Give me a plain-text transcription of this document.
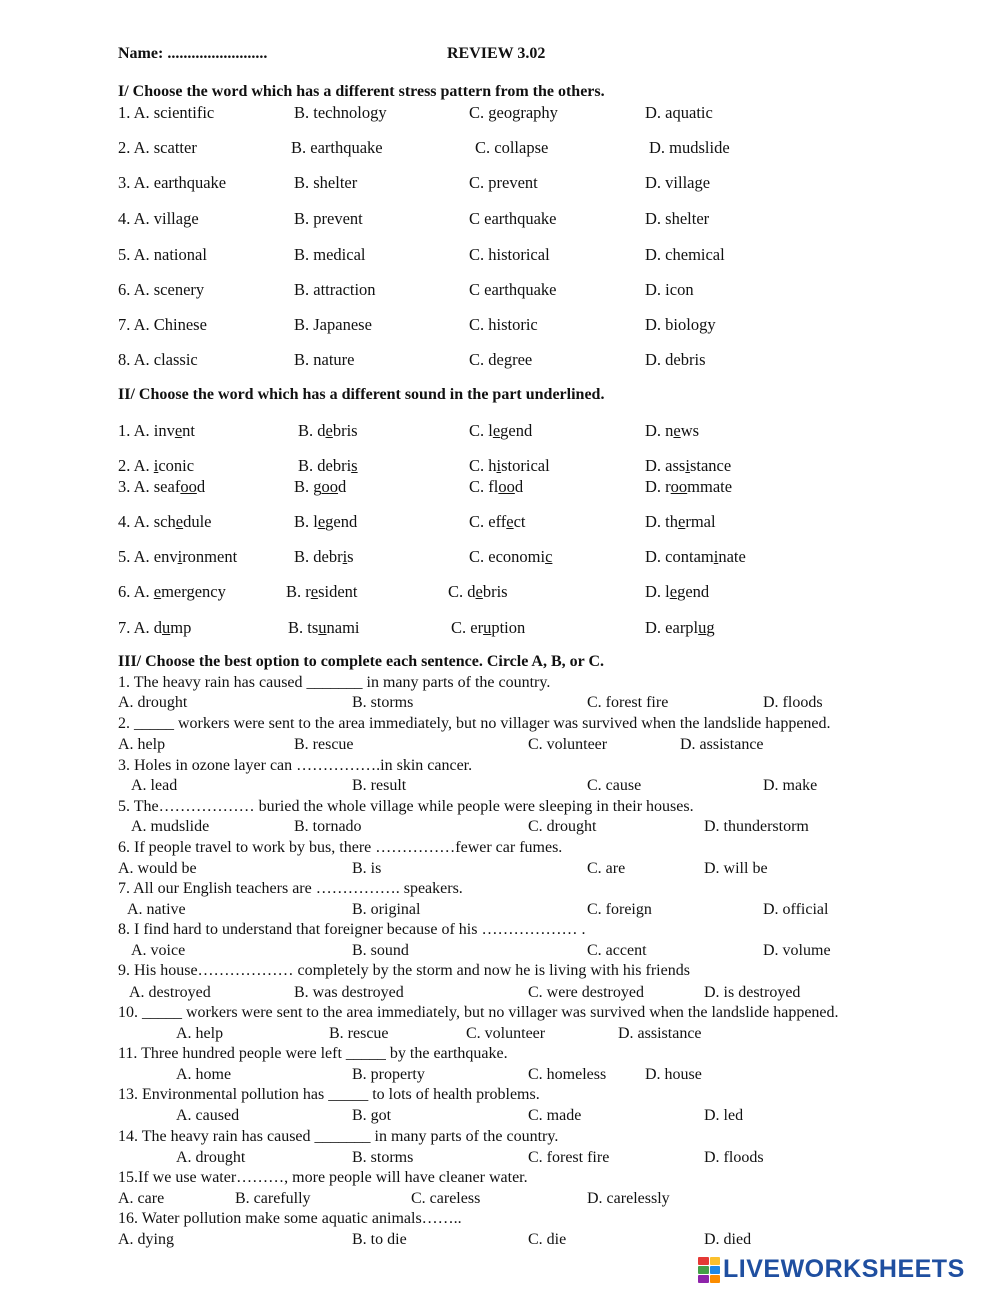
Name: .........................	REVIEW 3.02
I/ Choose the word which has a different stress pattern from the others.
1. A. scientific	B. technology	C. geography	D. aquatic
2. A. scatter	B. earthquake	C. collapse	D. mudslide
3. A. earthquake	B. shelter	C. prevent	D. village
4. A. village	B. prevent	C earthquake	D. shelter
5. A. national	B. medical	C. historical	D. chemical
6. A. scenery	B. attraction	C earthquake	D. icon
7. A. Chinese	B. Japanese	C. historic	D. biology
8. A. classic	B. nature	C. degree	D. debris
II/ Choose the word which has a different sound in the part underlined.
1. A. invent	B. debris	C. legend	D. news
2. A. iconic	B. debris	C. historical	D. assistance
3. A. seafood	B. good	C. flood	D. roommate
4. A. schedule	B. legend	C. effect	D. thermal
5. A. environment	B. debris	C. economic	D. contaminate
6. A. emergency	B. resident	C. debris	D. legend
7. A. dump	B. tsunami	C. eruption	D. earplug
III/ Choose the best option to complete each sentence. Circle A, B, or C.
1. The heavy rain has caused _______ in many parts of the country.
A. drought	B. storms	C. forest fire	D. floods
2. _____ workers were sent to the area immediately, but no villager was survived when the landslide happened.
A. help	B. rescue	C. volunteer	D. assistance
3. Holes in ozone layer can …………….in skin cancer.
A. lead	B. result	C. cause	D. make
5. The……………… buried the whole village while people were sleeping in their houses.
A. mudslide	B. tornado	C. drought	D. thunderstorm
6. If people travel to work by bus, there ……………fewer car fumes.
A. would be	B. is	C. are	D. will be
7. All our English teachers are ……………. speakers.
A. native	B. original	C. foreign	D. official
8. I find hard to understand that foreigner because of his ……………… .
A. voice	B. sound	C. accent	D. volume
9. His house……………… completely by the storm and now he is living with his friends
A. destroyed	B. was destroyed	C. were destroyed	D. is destroyed
10. _____ workers were sent to the area immediately, but no villager was survived when the landslide happened.
A. help	B. rescue	C. volunteer	D. assistance
11. Three hundred people were left _____ by the earthquake.
A. home	B. property	C. homeless D. house
13. Environmental pollution has _____ to lots of health problems.
A. caused	B. got	C. made	D. led
14. The heavy rain has caused _______ in many parts of the country.
A. drought	B. storms	C. forest fire	D. floods
15.If we use water………, more people will have cleaner water.
A. care	B. carefully	C. careless	D. carelessly
16. Water pollution make some aquatic animals……..
A. dying	B. to die	C. die	D. died
LIVEWORKSHEETS
